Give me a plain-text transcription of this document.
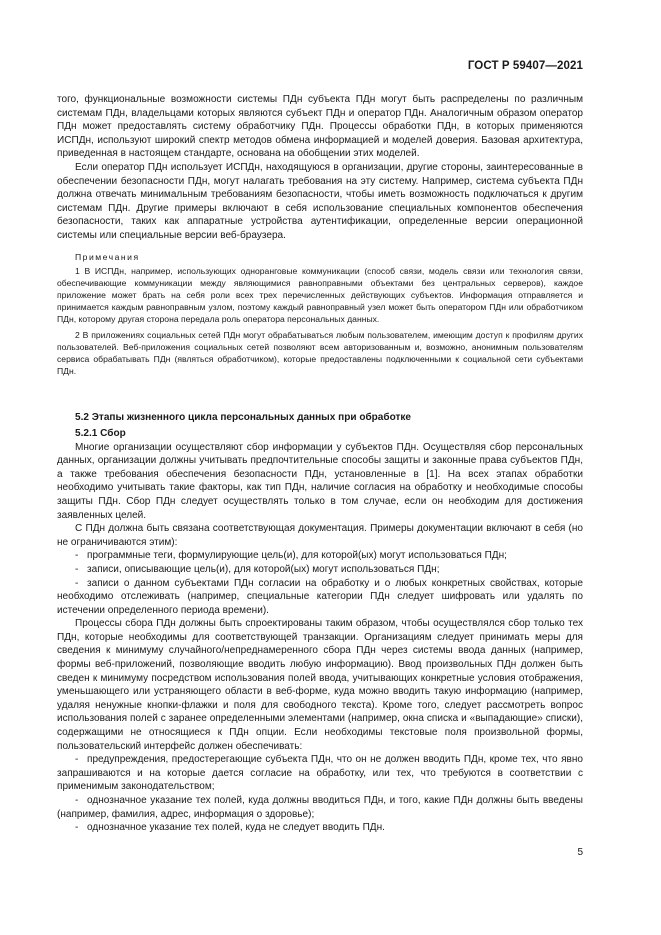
ГОСТ Р 59407—2021

того, функциональные возможности системы ПДн субъекта ПДн могут быть распределены по различным системам ПДн, владельцами которых являются субъект ПДн и оператор ПДн. Аналогичным образом оператор ПДн может предоставлять систему обработчику ПДн. Процессы обработки ПДн, в которых применяются ИСПДн, используют широкий спектр методов обмена информацией и моделей доверия. Базовая архитектура, приведенная в настоящем стандарте, основана на обобщении этих моделей.

Если оператор ПДн использует ИСПДн, находящуюся в организации, другие стороны, заинтересованные в обеспечении безопасности ПДн, могут налагать требования на эту систему. Например, система субъекта ПДн должна отвечать минимальным требованиям безопасности, чтобы иметь возможность подключаться к другим системам ПДн. Другие примеры включают в себя использование специальных компонентов обеспечения безопасности, таких как аппаратные устройства аутентификации, определенные версии операционной системы или специальные версии веб-браузера.

Примечания

1 В ИСПДн, например, использующих одноранговые коммуникации (способ связи, модель связи или технология связи, обеспечивающие коммуникации между являющимися равноправными объектами без центральных серверов), каждое приложение может брать на себя роли всех трех перечисленных действующих субъектов. Информация отправляется и принимается каждым равноправным узлом, поэтому каждый равноправный узел может быть оператором ПДн или обработчиком ПДн, которому другая сторона передала роль оператора персональных данных.

2 В приложениях социальных сетей ПДн могут обрабатываться любым пользователем, имеющим доступ к профилям других пользователей. Веб-приложения социальных сетей позволяют всем авторизованным и, возможно, анонимным пользователям сервиса обрабатывать ПДн (являться обработчиком), которые предоставлены подключенными к социальной сети субъектами ПДн.

5.2 Этапы жизненного цикла персональных данных при обработке

5.2.1 Сбор

Многие организации осуществляют сбор информации у субъектов ПДн. Осуществляя сбор персональных данных, организации должны учитывать предпочтительные способы защиты и законные права субъектов ПДн, а также требования обеспечения безопасности ПДн, установленные в [1]. На всех этапах обработки необходимо учитывать такие факторы, как тип ПДн, наличие согласия на обработку и необходимые способы защиты ПДн. Сбор ПДн следует осуществлять только в том случае, если он необходим для достижения заявленных целей.

С ПДн должна быть связана соответствующая документация. Примеры документации включают в себя (но не ограничиваются этим):

- программные теги, формулирующие цель(и), для которой(ых) могут использоваться ПДн;

- записи, описывающие цель(и), для которой(ых) могут использоваться ПДн;

- записи о данном субъектами ПДн согласии на обработку и о любых конкретных свойствах, которые необходимо отслеживать (например, специальные категории ПДн следует шифровать или удалять по истечении определенного периода времени).

Процессы сбора ПДн должны быть спроектированы таким образом, чтобы осуществлялся сбор только тех ПДн, которые необходимы для соответствующей транзакции. Организациям следует принимать меры для сведения к минимуму случайного/непреднамеренного сбора ПДн через системы ввода данных (например, формы веб-приложений, позволяющие вводить любую информацию). Ввод произвольных ПДн должен быть сведен к минимуму посредством использования полей ввода, учитывающих конкретные условия отображения, уменьшающего или устраняющего области в веб-форме, куда можно вводить такую информацию (например, удаляя ненужные кнопки-флажки и поля для свободного текста). Кроме того, следует рассмотреть вопрос использования полей с заранее определенными элементами (например, окна списка и «выпадающие» списки), содержащими не относящиеся к ПДн опции. Если необходимы текстовые поля произвольной формы, пользовательский интерфейс должен обеспечивать:

- предупреждения, предостерегающие субъекта ПДн, что он не должен вводить ПДн, кроме тех, что явно запрашиваются и на которые дается согласие на обработку, или тех, что требуются в соответствии с применимым законодательством;

- однозначное указание тех полей, куда должны вводиться ПДн, и того, какие ПДн должны быть введены (например, фамилия, адрес, информация о здоровье);

- однозначное указание тех полей, куда не следует вводить ПДн.

5
